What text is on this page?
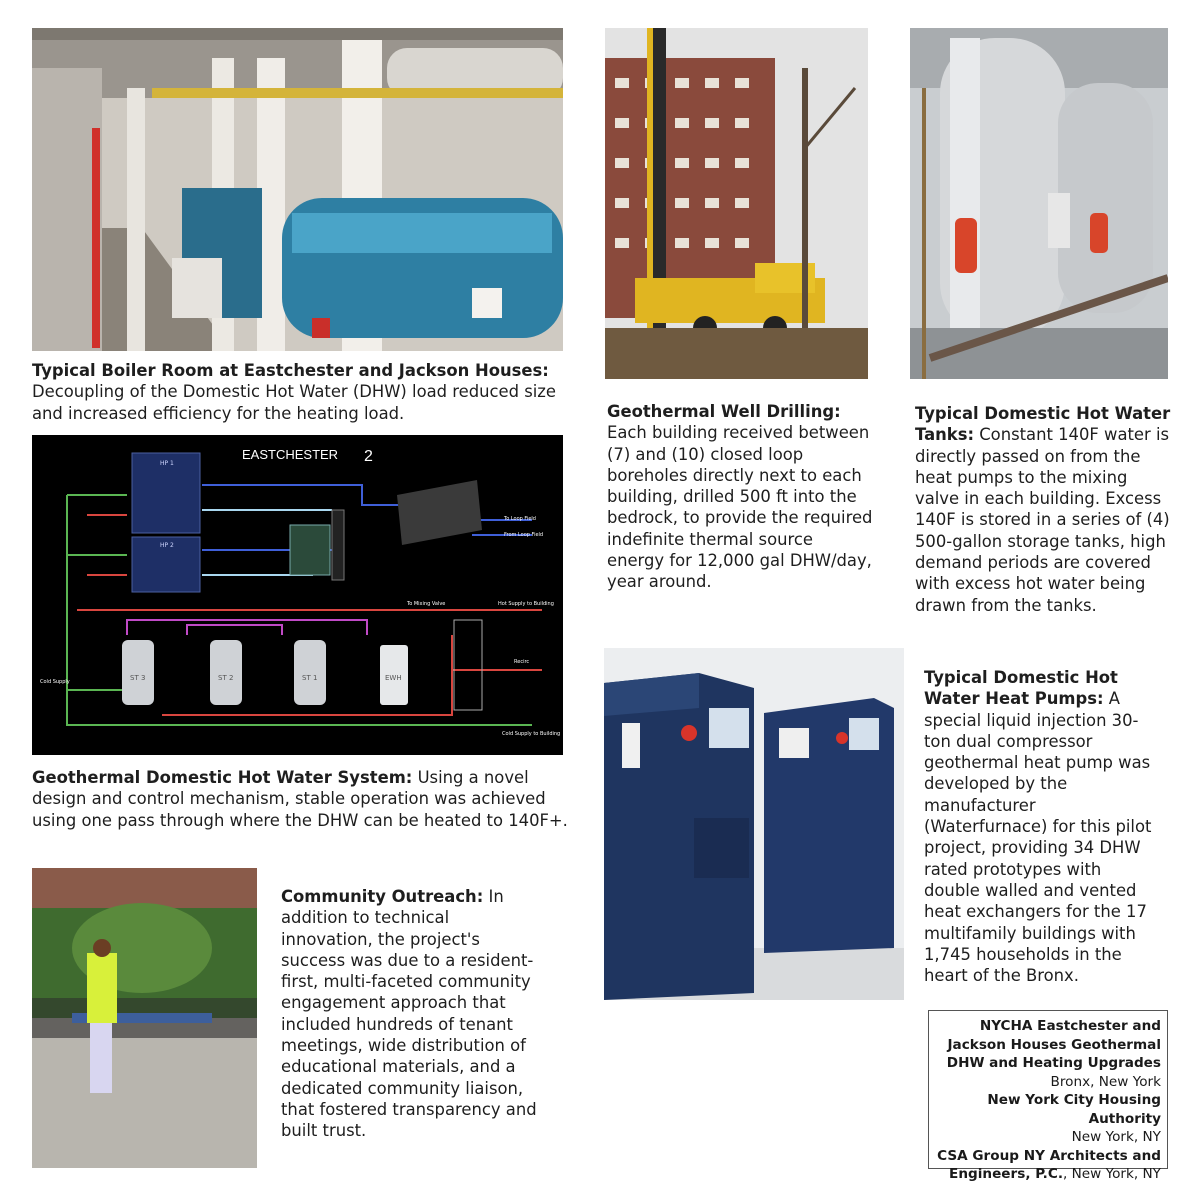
Typical Boiler Room at Eastchester and Jackson Houses: Decoupling of the Domestic Hot Water (DHW) load reduced size and increased efficiency for the heating load.
EASTCHESTER 2
HP 1
HP 2
To Loop Field
From Loop Field
To Mixing Valve	Hot Supply to Building
Cold Supply
Cold Supply to Building
Recirc
ST 3	ST 2	ST 1	EWH
Geothermal Domestic Hot Water System: Using a novel design and control mechanism, stable operation was achieved using one pass through where the DHW can be heated to 140F+.
Community Outreach: In addition to technical innovation, the project's success was due to a resident-first, multi-faceted community engagement approach that included hundreds of tenant meetings, wide distribution of educational materials, and a dedicated community liaison, that fostered transparency and built trust.
Geothermal Well Drilling: Each building received between (7) and (10) closed loop boreholes directly next to each building, drilled 500 ft into the bedrock, to provide the required indefinite thermal source energy for 12,000 gal DHW/day, year around.
Typical Domestic Hot Water Tanks: Constant 140F water is directly passed on from the heat pumps to the mixing valve in each building. Excess 140F is stored in a series of (4) 500-gallon storage tanks, high demand periods are covered with excess hot water being drawn from the tanks.
Typical Domestic Hot Water Heat Pumps: A special liquid injection 30-ton dual compressor geothermal heat pump was developed by the manufacturer (Waterfurnace) for this pilot project, providing 34 DHW rated prototypes with double walled and vented heat exchangers for the 17 multifamily buildings with 1,745 households in the heart of the Bronx.
NYCHA Eastchester and Jackson Houses Geothermal DHW and Heating Upgrades
Bronx, New York
New York City Housing Authority
New York, NY
CSA Group NY Architects and Engineers, P.C., New York, NY
